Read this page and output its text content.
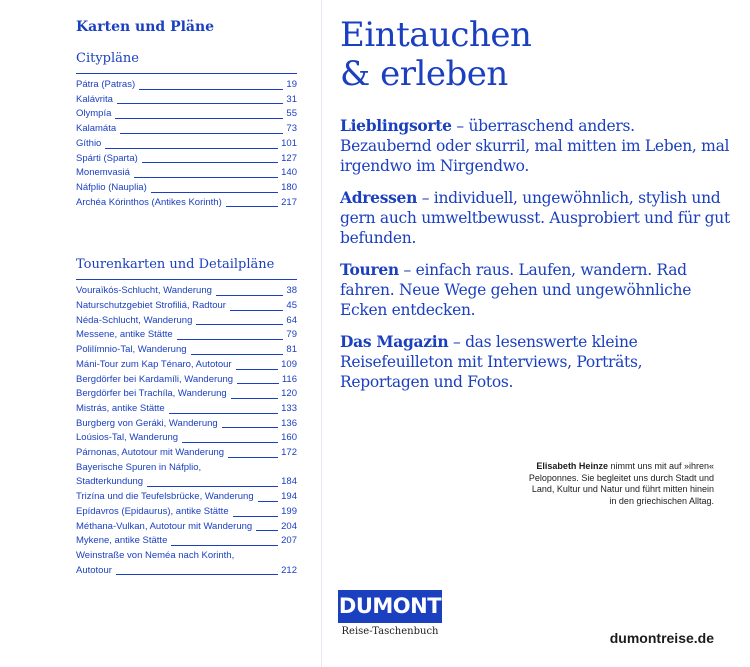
Karten und Pläne
Citypläne
Pátra (Patras)	19
Kalávrita	31
Olympía	55
Kalamáta	73
Gíthio	101
Spárti (Sparta)	127
Monemvasiá	140
Náfplio (Nauplia)	180
Archéa Kórinthos (Antikes Korinth)	217
Tourenkarten und Detailpläne
Vouraïkós-Schlucht, Wanderung	38
Naturschutzgebiet Strofiliá, Radtour	45
Néda-Schlucht, Wanderung	64
Messene, antike Stätte	79
Polilímnio-Tal, Wanderung	81
Máni-Tour zum Kap Ténaro, Autotour	109
Bergdörfer bei Kardamíli, Wanderung	116
Bergdörfer bei Trachíla, Wanderung	120
Mistrás, antike Stätte	133
Burgberg von Geráki, Wanderung	136
Loúsios-Tal, Wanderung	160
Párnonas, Autotour mit Wanderung	172
Bayerische Spuren in Náfplio,
Stadterkundung	184
Trizína und die Teufelsbrücke, Wanderung	194
Epídavros (Epidaurus), antike Stätte	199
Méthana-Vulkan, Autotour mit Wanderung	204
Mykene, antike Stätte	207
Weinstraße von Neméa nach Korinth,
Autotour	212
Eintauchen
& erleben

Lieblingsorte – überraschend anders. Bezaubernd oder skurril, mal mitten im Leben, mal irgendwo im Nirgendwo.

Adressen – individuell, ungewöhnlich, stylish und gern auch umweltbewusst. Ausprobiert und für gut befunden.

Touren – einfach raus. Laufen, wandern. Rad fahren. Neue Wege gehen und ungewöhnliche Ecken entdecken.

Das Magazin – das lesenswerte kleine Reisefeuilleton mit Interviews, Porträts, Reportagen und Fotos.

Elisabeth Heinze nimmt uns mit auf »ihren« Peloponnes. Sie begleitet uns durch Stadt und Land, Kultur und Natur und führt mitten hinein in den griechischen Alltag.
DUMONT
Reise-Taschenbuch	dumontreise.de
